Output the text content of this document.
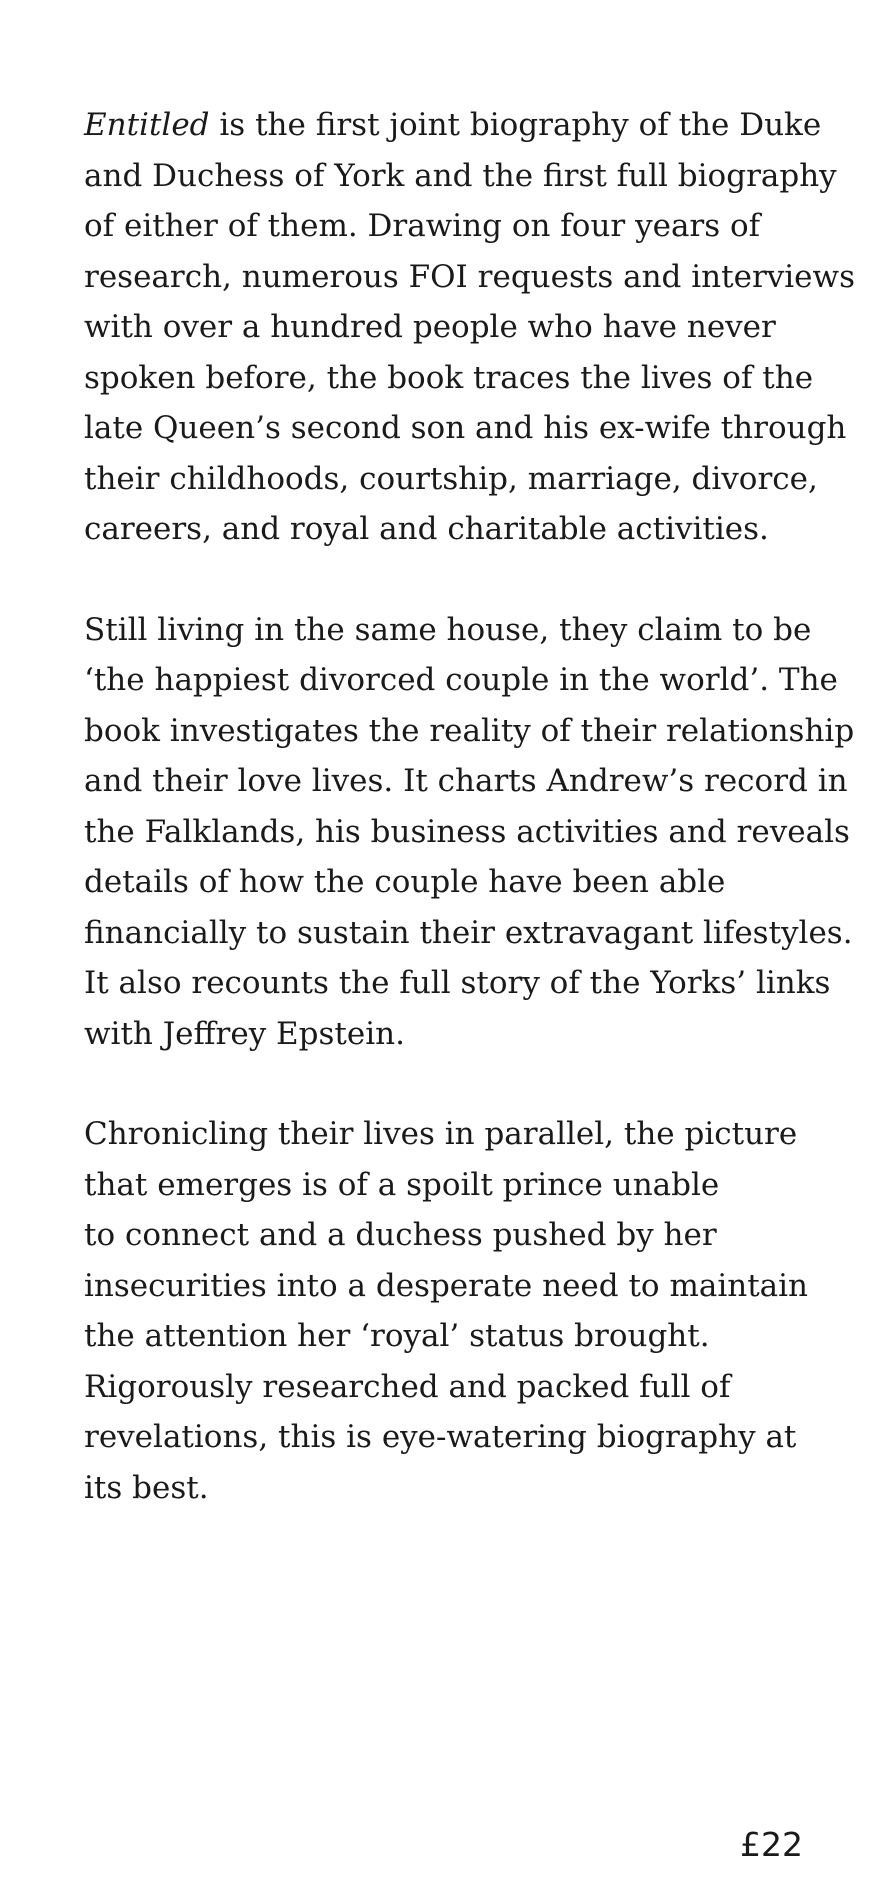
Entitled is the first joint biography of the Duke
and Duchess of York and the first full biography
of either of them. Drawing on four years of
research, numerous FOI requests and interviews
with over a hundred people who have never
spoken before, the book traces the lives of the
late Queen’s second son and his ex-wife through
their childhoods, courtship, marriage, divorce,
careers, and royal and charitable activities.

Still living in the same house, they claim to be
‘the happiest divorced couple in the world’. The
book investigates the reality of their relationship
and their love lives. It charts Andrew’s record in
the Falklands, his business activities and reveals
details of how the couple have been able
financially to sustain their extravagant lifestyles.
It also recounts the full story of the Yorks’ links
with Jeffrey Epstein.

Chronicling their lives in parallel, the picture
that emerges is of a spoilt prince unable
to connect and a duchess pushed by her
insecurities into a desperate need to maintain
the attention her ‘royal’ status brought.
Rigorously researched and packed full of
revelations, this is eye-watering biography at
its best.

£22
